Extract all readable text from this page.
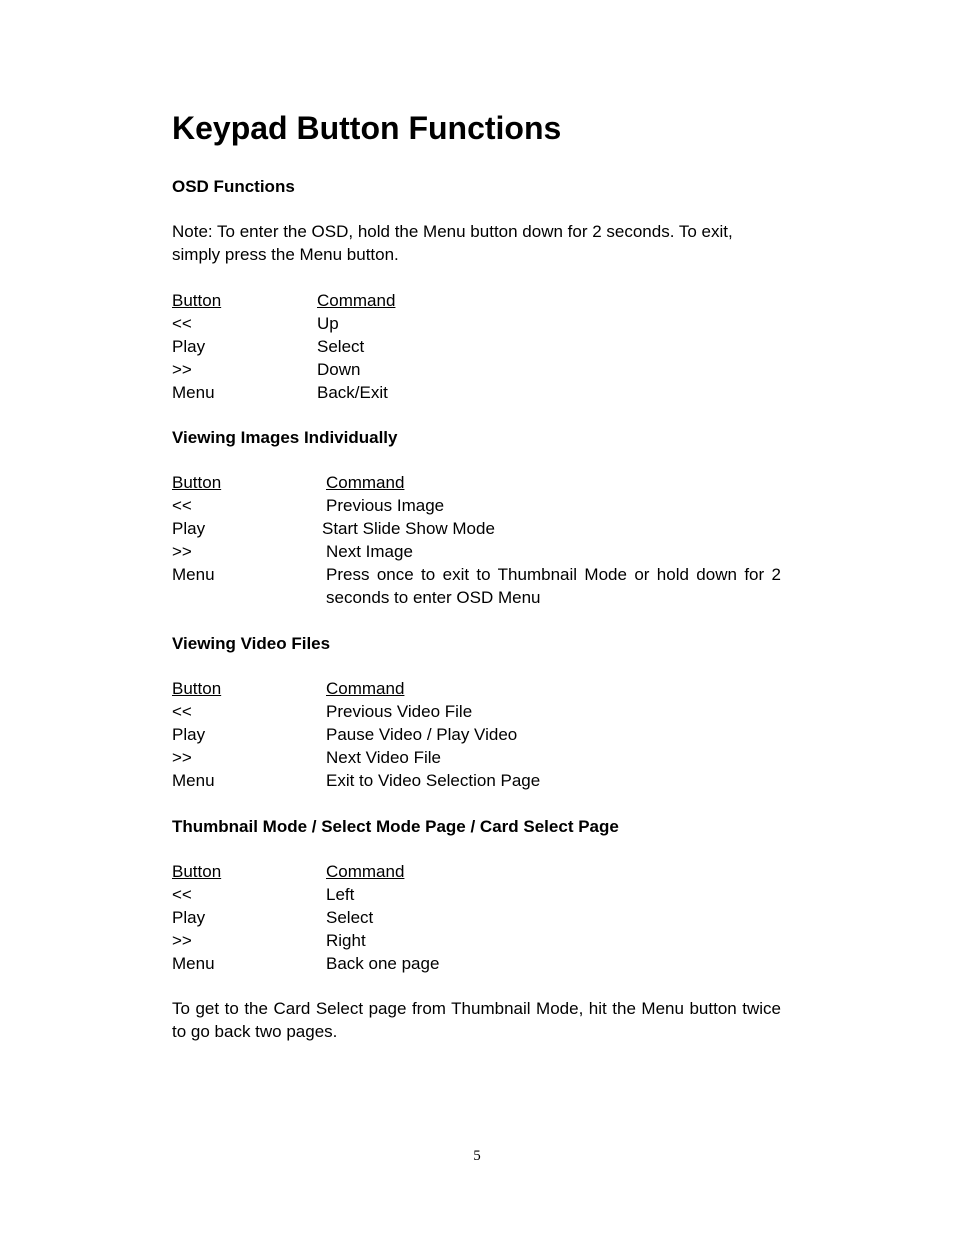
Keypad Button Functions
OSD Functions

Note: To enter the OSD, hold the Menu button down for 2 seconds. To exit, simply press the Menu button.

Button	Command
<<	Up
Play	Select
>>	Down
Menu	Back/Exit
Viewing Images Individually
Button	Command
<<	Previous Image
Play	Start Slide Show Mode
>>	Next Image
Menu	Press once to exit to Thumbnail Mode or hold down for 2 seconds to enter OSD Menu
Viewing Video Files
Button	Command
<<	Previous Video File
Play	Pause Video / Play Video
>>	Next Video File
Menu	Exit to Video Selection Page
Thumbnail Mode / Select Mode Page / Card Select Page
Button	Command
<<	Left
Play	Select
>>	Right
Menu	Back one page

To get to the Card Select page from Thumbnail Mode, hit the Menu button twice to go back two pages.

5
